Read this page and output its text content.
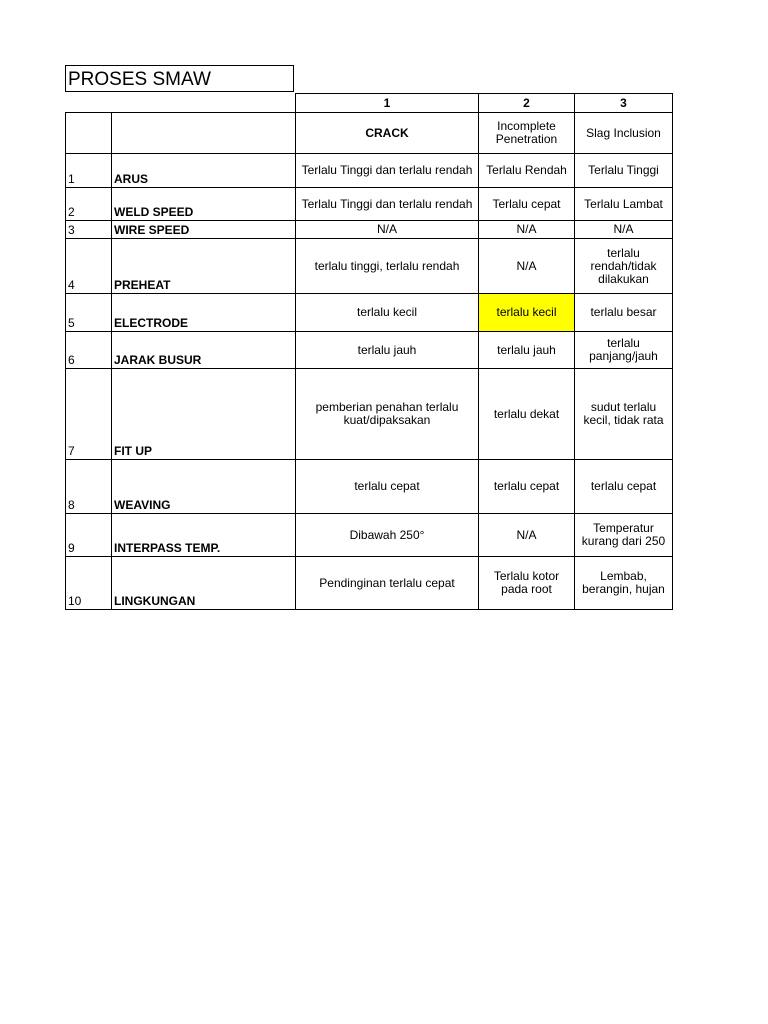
PROSES SMAW
		1	2	3
		CRACK	Incomplete Penetration	Slag Inclusion
1	ARUS	Terlalu Tinggi dan terlalu rendah	Terlalu Rendah	Terlalu Tinggi
2	WELD SPEED	Terlalu Tinggi dan terlalu rendah	Terlalu cepat	Terlalu Lambat
3	WIRE SPEED	N/A	N/A	N/A
4	PREHEAT	terlalu tinggi, terlalu rendah	N/A	terlalu rendah/tidak dilakukan
5	ELECTRODE	terlalu kecil	terlalu kecil	terlalu besar
6	JARAK BUSUR	terlalu jauh	terlalu jauh	terlalu panjang/jauh
7	FIT UP	pemberian penahan terlalu kuat/dipaksakan	terlalu dekat	sudut terlalu kecil, tidak rata
8	WEAVING	terlalu cepat	terlalu cepat	terlalu cepat
9	INTERPASS TEMP.	Dibawah 250°	N/A	Temperatur kurang dari 250
10	LINGKUNGAN	Pendinginan terlalu cepat	Terlalu kotor pada root	Lembab, berangin, hujan
